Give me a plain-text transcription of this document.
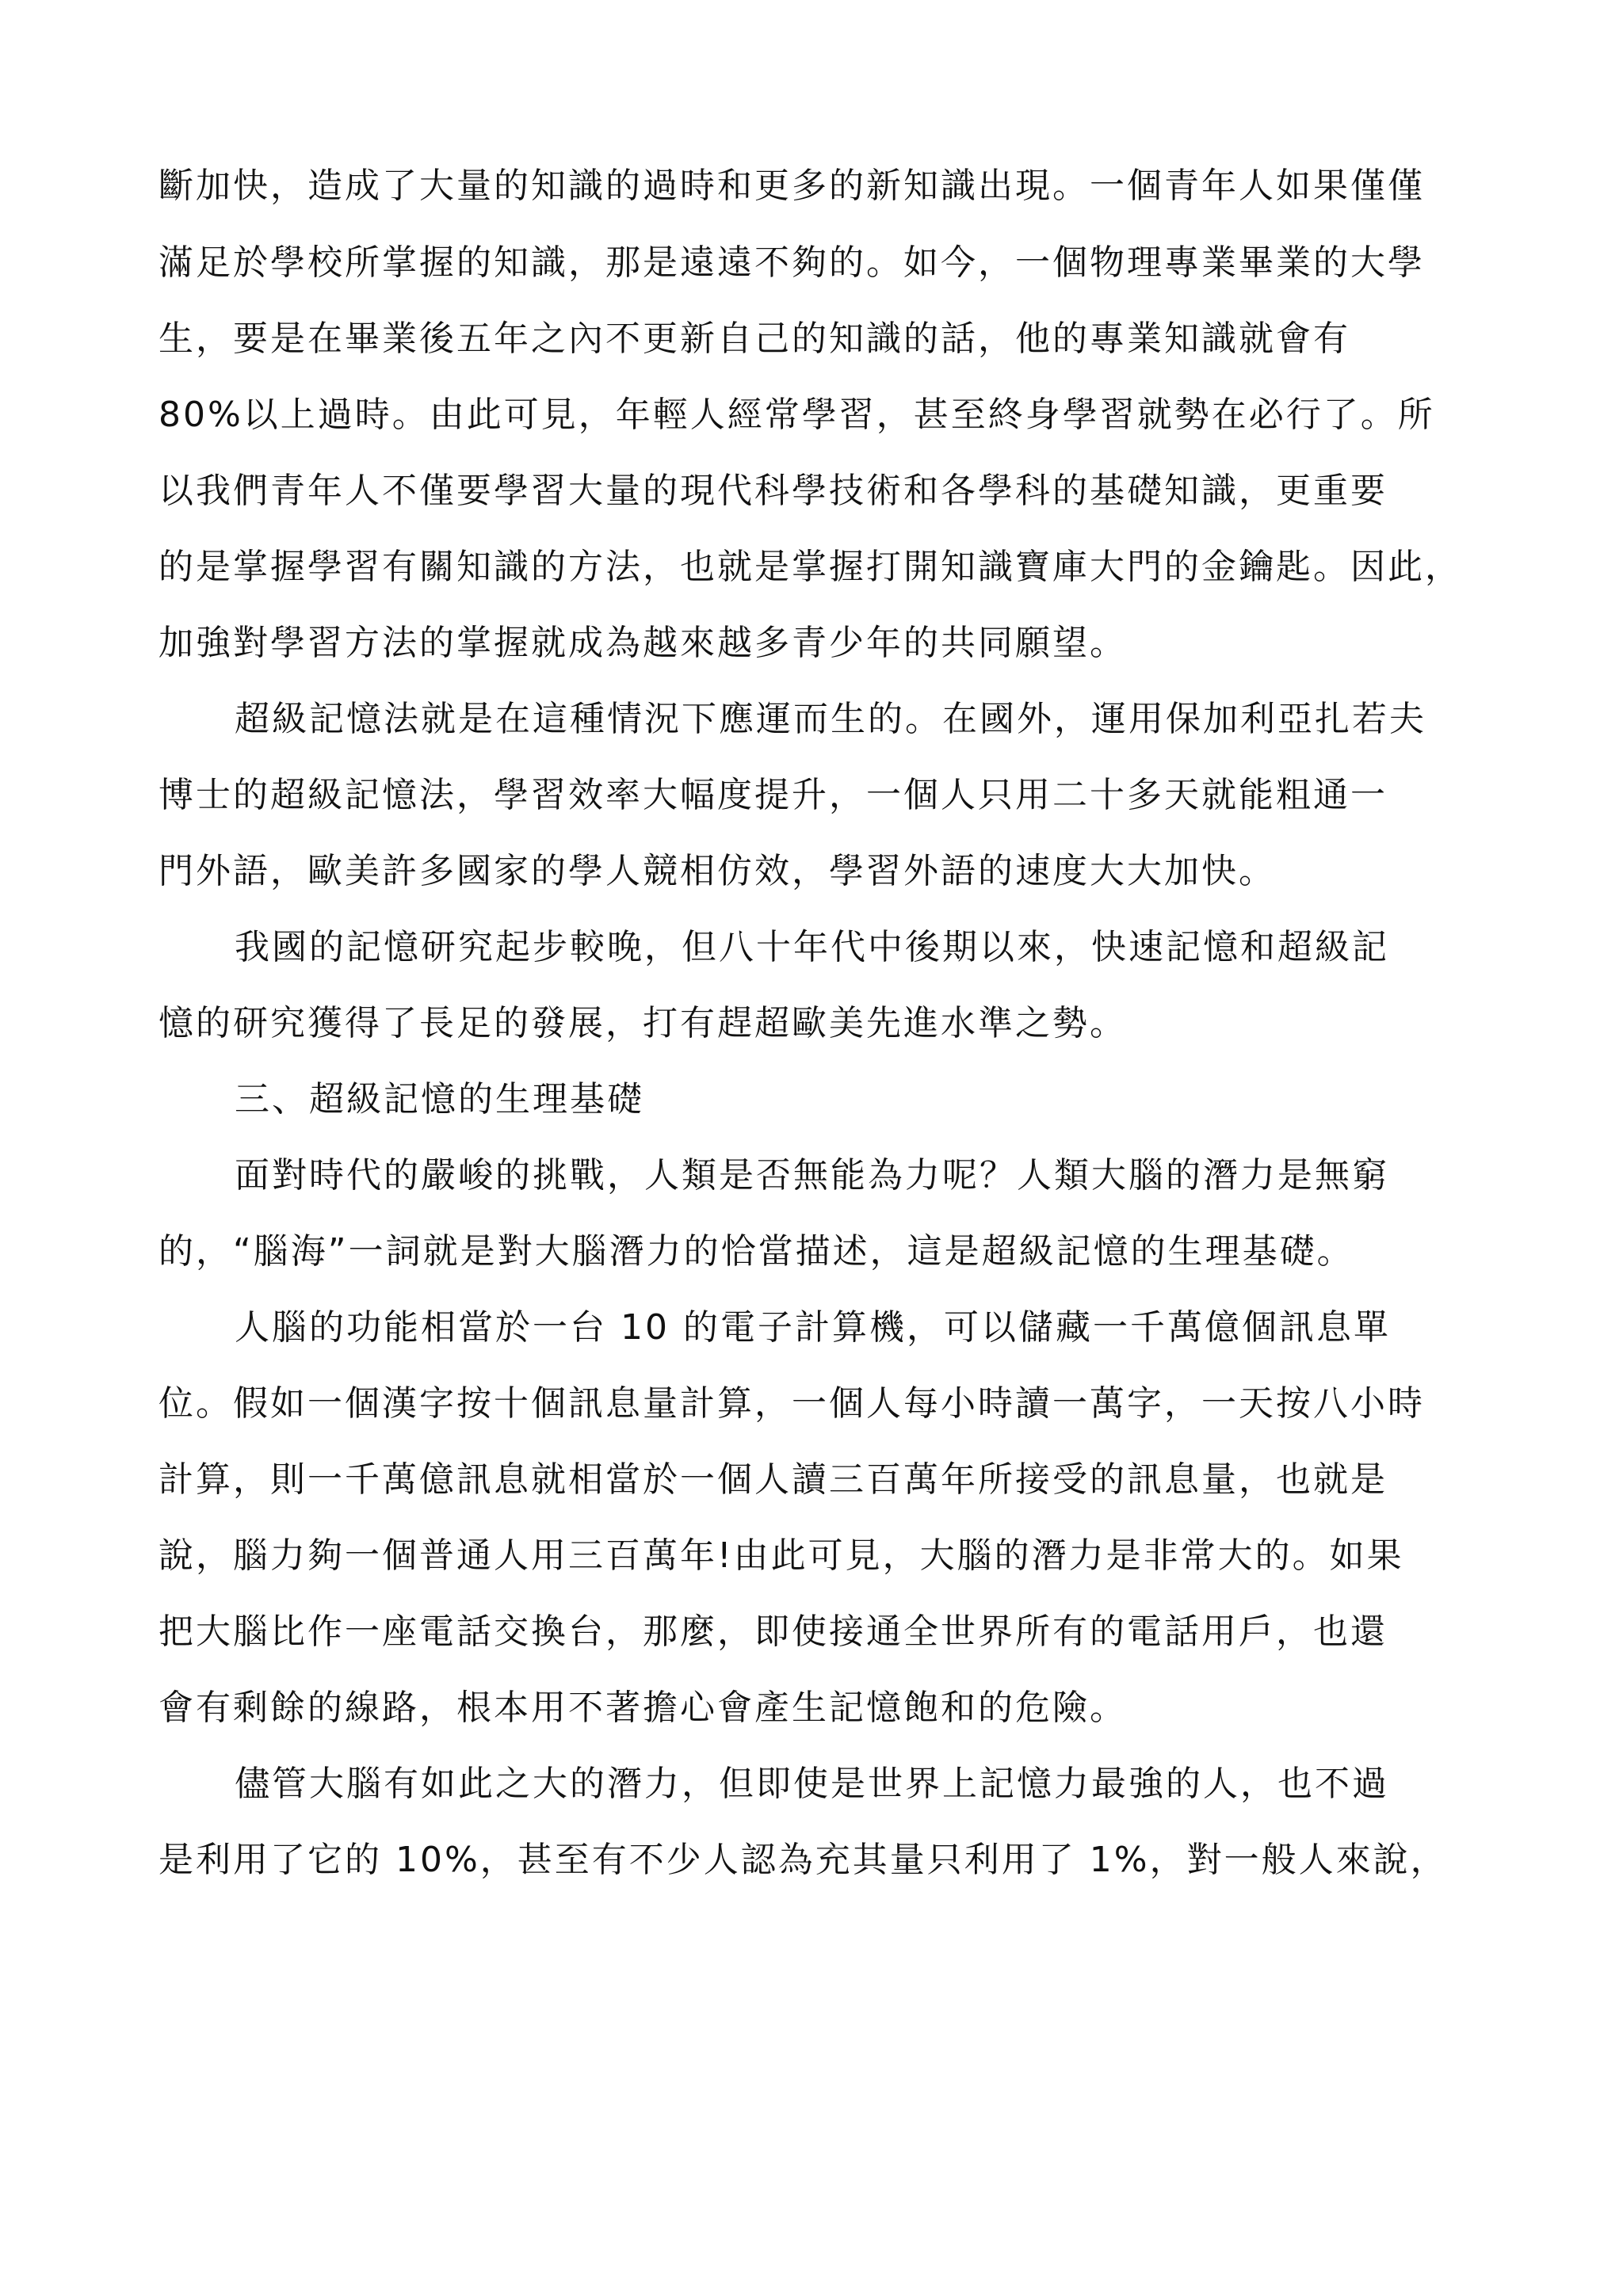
斷加快，造成了大量的知識的過時和更多的新知識出現。一個青年人如果僅僅
滿足於學校所掌握的知識，那是遠遠不夠的。如今，一個物理專業畢業的大學
生，要是在畢業後五年之內不更新自己的知識的話，他的專業知識就會有
80%以上過時。由此可見，年輕人經常學習，甚至終身學習就勢在必行了。所
以我們青年人不僅要學習大量的現代科學技術和各學科的基礎知識，更重要
的是掌握學習有關知識的方法，也就是掌握打開知識寶庫大門的金鑰匙。因此，
加強對學習方法的掌握就成為越來越多青少年的共同願望。
超級記憶法就是在這種情況下應運而生的。在國外，運用保加利亞扎若夫
博士的超級記憶法，學習效率大幅度提升，一個人只用二十多天就能粗通一
門外語，歐美許多國家的學人競相仿效，學習外語的速度大大加快。
我國的記憶研究起步較晚，但八十年代中後期以來，快速記憶和超級記
憶的研究獲得了長足的發展，打有趕超歐美先進水準之勢。
三、超級記憶的生理基礎
面對時代的嚴峻的挑戰，人類是否無能為力呢？人類大腦的潛力是無窮
的，“腦海”一詞就是對大腦潛力的恰當描述，這是超級記憶的生理基礎。
人腦的功能相當於一台 10 的電子計算機，可以儲藏一千萬億個訊息單
位。假如一個漢字按十個訊息量計算，一個人每小時讀一萬字，一天按八小時
計算，則一千萬億訊息就相當於一個人讀三百萬年所接受的訊息量，也就是
說，腦力夠一個普通人用三百萬年!由此可見，大腦的潛力是非常大的。如果
把大腦比作一座電話交換台，那麼，即使接通全世界所有的電話用戶，也還
會有剩餘的線路，根本用不著擔心會產生記憶飽和的危險。
儘管大腦有如此之大的潛力，但即使是世界上記憶力最強的人，也不過
是利用了它的 10%，甚至有不少人認為充其量只利用了 1%，對一般人來說，
